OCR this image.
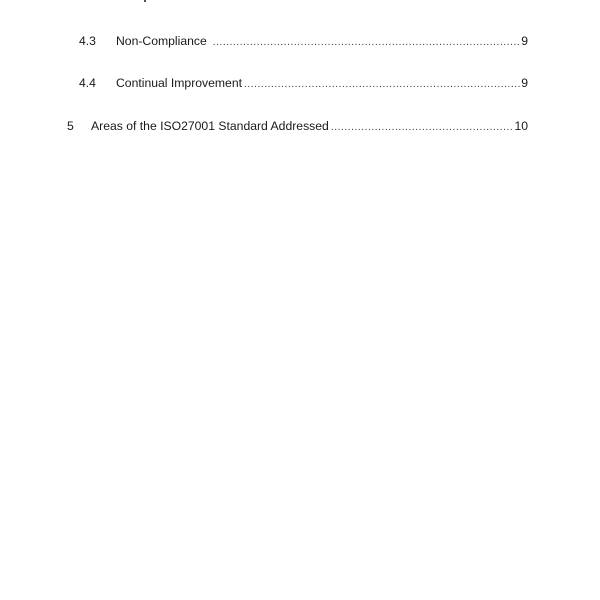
4.3	Non-Compliance .....	9
4.4	Continual Improvement .....	9
5	Areas of the ISO27001 Standard Addressed .....	10
